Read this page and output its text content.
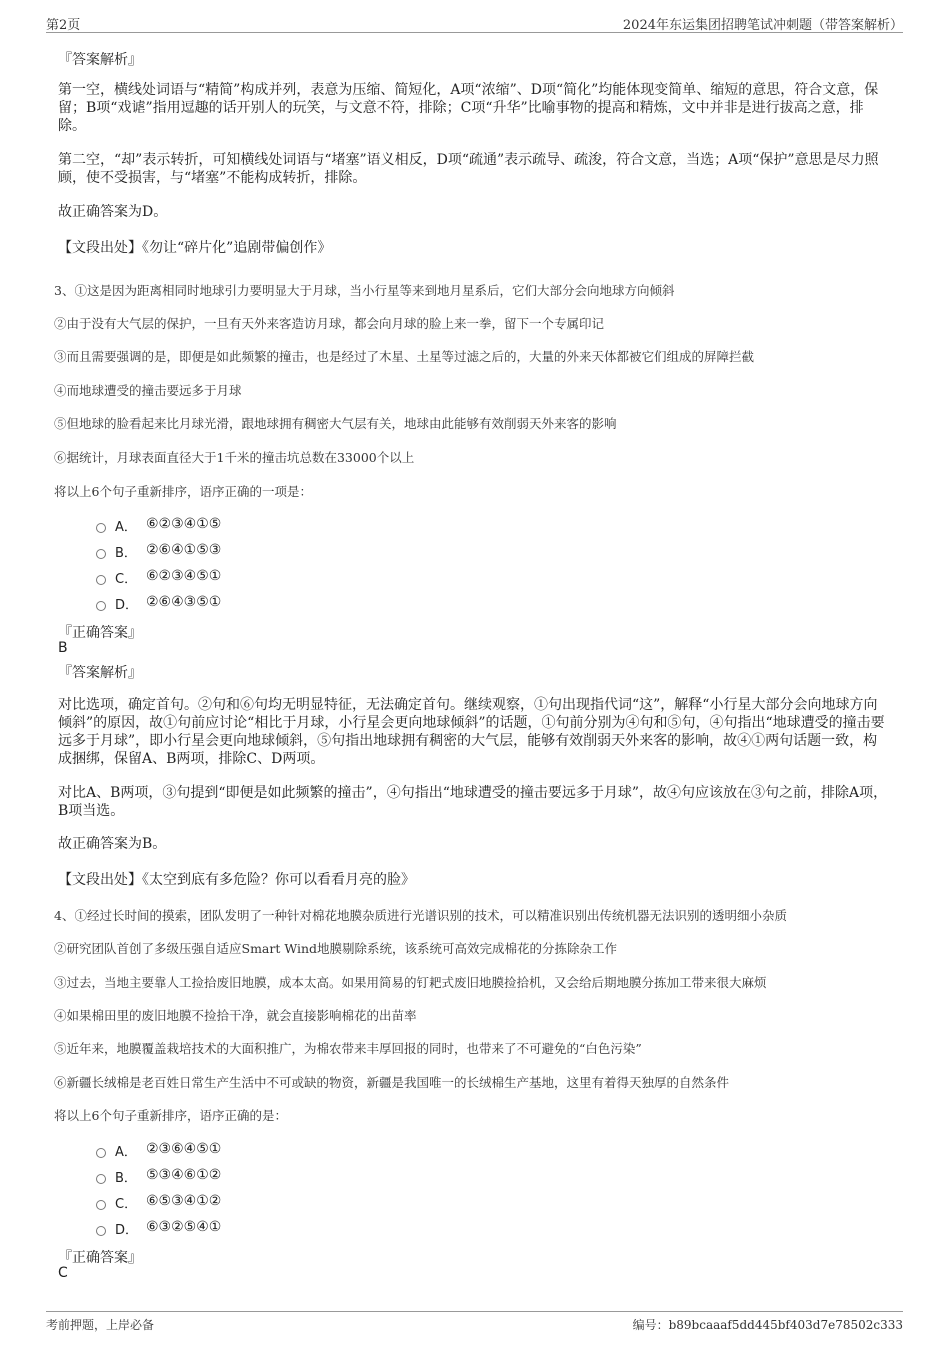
第2页	2024年东运集团招聘笔试冲刺题（带答案解析）
『答案解析』
第一空，横线处词语与“精简”构成并列，表意为压缩、简短化，A项“浓缩”、D项“简化”均能体现变简单、缩短的意思，符合文意，保留；B项“戏谑”指用逗趣的话开别人的玩笑，与文意不符，排除；C项“升华”比喻事物的提高和精炼，文中并非是进行拔高之意，排除。
第二空，“却”表示转折，可知横线处词语与“堵塞”语义相反，D项“疏通”表示疏导、疏浚，符合文意，当选；A项“保护”意思是尽力照顾，使不受损害，与“堵塞”不能构成转折，排除。
故正确答案为D。
【文段出处】《勿让“碎片化”追剧带偏创作》
3、①这是因为距离相同时地球引力要明显大于月球，当小行星等来到地月星系后，它们大部分会向地球方向倾斜
②由于没有大气层的保护，一旦有天外来客造访月球，都会向月球的脸上来一拳，留下一个专属印记
③而且需要强调的是，即便是如此频繁的撞击，也是经过了木星、土星等过滤之后的，大量的外来天体都被它们组成的屏障拦截
④而地球遭受的撞击要远多于月球
⑤但地球的脸看起来比月球光滑，跟地球拥有稠密大气层有关，地球由此能够有效削弱天外来客的影响
⑥据统计，月球表面直径大于1千米的撞击坑总数在33000个以上
将以上6个句子重新排序，语序正确的一项是：
A． ⑥②③④①⑤
B． ②⑥④①⑤③
C． ⑥②③④⑤①
D． ②⑥④③⑤①
『正确答案』
B
『答案解析』
对比选项，确定首句。②句和⑥句均无明显特征，无法确定首句。继续观察，①句出现指代词“这”，解释“小行星大部分会向地球方向倾斜”的原因，故①句前应讨论“相比于月球，小行星会更向地球倾斜”的话题，①句前分别为④句和⑤句，④句指出“地球遭受的撞击要远多于月球”，即小行星会更向地球倾斜，⑤句指出地球拥有稠密的大气层，能够有效削弱天外来客的影响，故④①两句话题一致，构成捆绑，保留A、B两项，排除C、D两项。
对比A、B两项，③句提到“即便是如此频繁的撞击”，④句指出“地球遭受的撞击要远多于月球”，故④句应该放在③句之前，排除A项，B项当选。
故正确答案为B。
【文段出处】《太空到底有多危险？你可以看看月亮的脸》
4、①经过长时间的摸索，团队发明了一种针对棉花地膜杂质进行光谱识别的技术，可以精准识别出传统机器无法识别的透明细小杂质
②研究团队首创了多级压强自适应Smart Wind地膜剔除系统，该系统可高效完成棉花的分拣除杂工作
③过去，当地主要靠人工捡拾废旧地膜，成本太高。如果用简易的钉耙式废旧地膜捡拾机，又会给后期地膜分拣加工带来很大麻烦
④如果棉田里的废旧地膜不捡拾干净，就会直接影响棉花的出苗率
⑤近年来，地膜覆盖栽培技术的大面积推广，为棉农带来丰厚回报的同时，也带来了不可避免的“白色污染”
⑥新疆长绒棉是老百姓日常生产生活中不可或缺的物资，新疆是我国唯一的长绒棉生产基地，这里有着得天独厚的自然条件
将以上6个句子重新排序，语序正确的是：
A． ②③⑥④⑤①
B． ⑤③④⑥①②
C． ⑥⑤③④①②
D． ⑥③②⑤④①
『正确答案』
C
考前押题，上岸必备	编号：b89bcaaaf5dd445bf403d7e78502c333
